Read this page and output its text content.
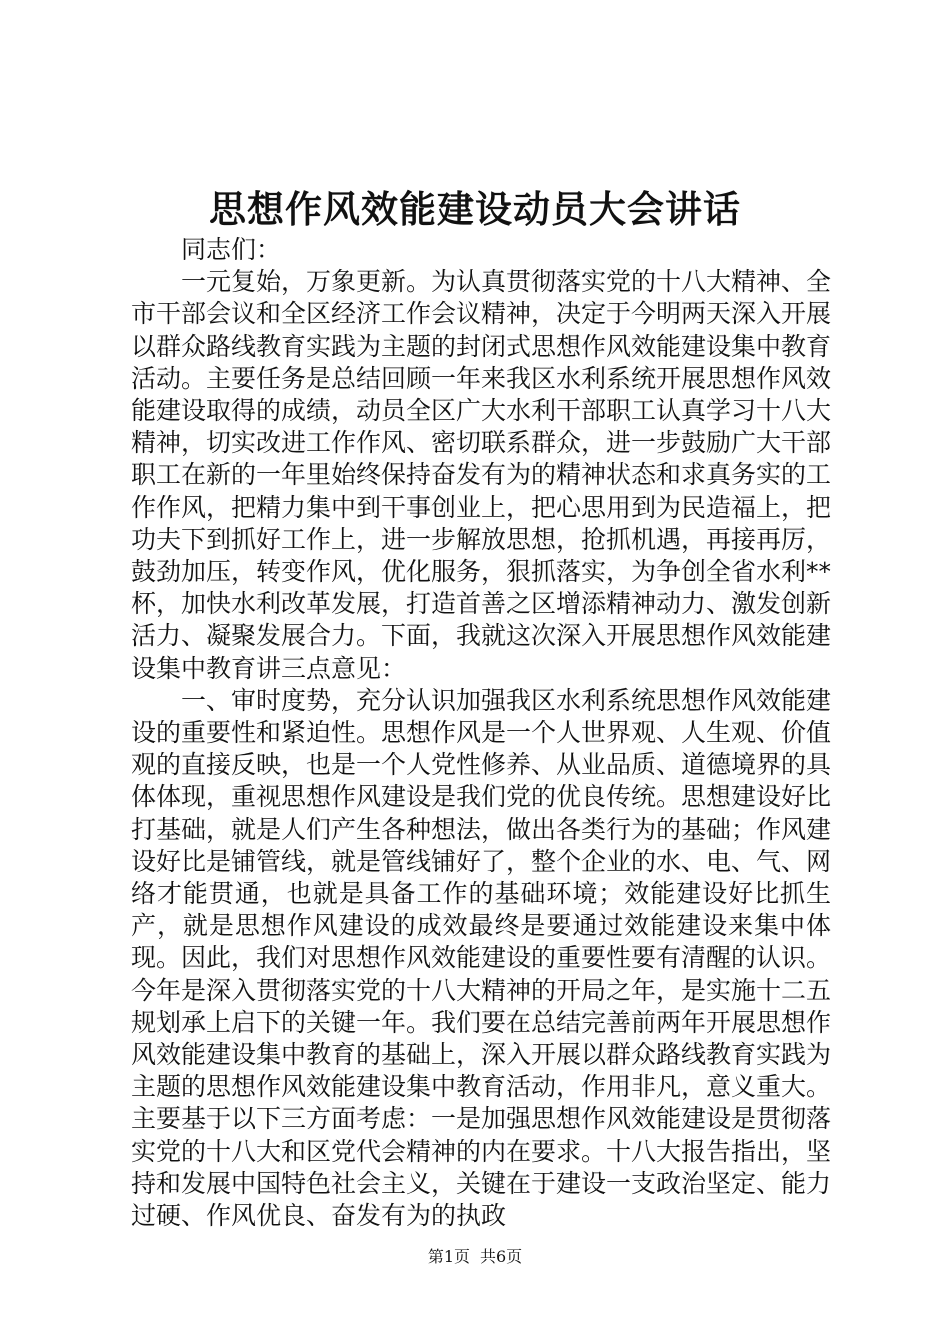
思想作风效能建设动员大会讲话

同志们：

一元复始，万象更新。为认真贯彻落实党的十八大精神、全市干部会议和全区经济工作会议精神，决定于今明两天深入开展以群众路线教育实践为主题的封闭式思想作风效能建设集中教育活动。主要任务是总结回顾一年来我区水利系统开展思想作风效能建设取得的成绩，动员全区广大水利干部职工认真学习十八大精神，切实改进工作作风、密切联系群众，进一步鼓励广大干部职工在新的一年里始终保持奋发有为的精神状态和求真务实的工作作风，把精力集中到干事创业上，把心思用到为民造福上，把功夫下到抓好工作上，进一步解放思想，抢抓机遇，再接再厉，鼓劲加压，转变作风，优化服务，狠抓落实，为争创全省水利**杯，加快水利改革发展，打造首善之区增添精神动力、激发创新活力、凝聚发展合力。下面，我就这次深入开展思想作风效能建设集中教育讲三点意见：

一、审时度势，充分认识加强我区水利系统思想作风效能建设的重要性和紧迫性。思想作风是一个人世界观、人生观、价值观的直接反映，也是一个人党性修养、从业品质、道德境界的具体体现，重视思想作风建设是我们党的优良传统。思想建设好比打基础，就是人们产生各种想法，做出各类行为的基础；作风建设好比是铺管线，就是管线铺好了，整个企业的水、电、气、网络才能贯通，也就是具备工作的基础环境；效能建设好比抓生产，就是思想作风建设的成效最终是要通过效能建设来集中体现。因此，我们对思想作风效能建设的重要性要有清醒的认识。今年是深入贯彻落实党的十八大精神的开局之年，是实施十二五规划承上启下的关键一年。我们要在总结完善前两年开展思想作风效能建设集中教育的基础上，深入开展以群众路线教育实践为主题的思想作风效能建设集中教育活动，作用非凡，意义重大。主要基于以下三方面考虑：一是加强思想作风效能建设是贯彻落实党的十八大和区党代会精神的内在要求。十八大报告指出，坚持和发展中国特色社会主义，关键在于建设一支政治坚定、能力过硬、作风优良、奋发有为的执政

第1页 共6页
